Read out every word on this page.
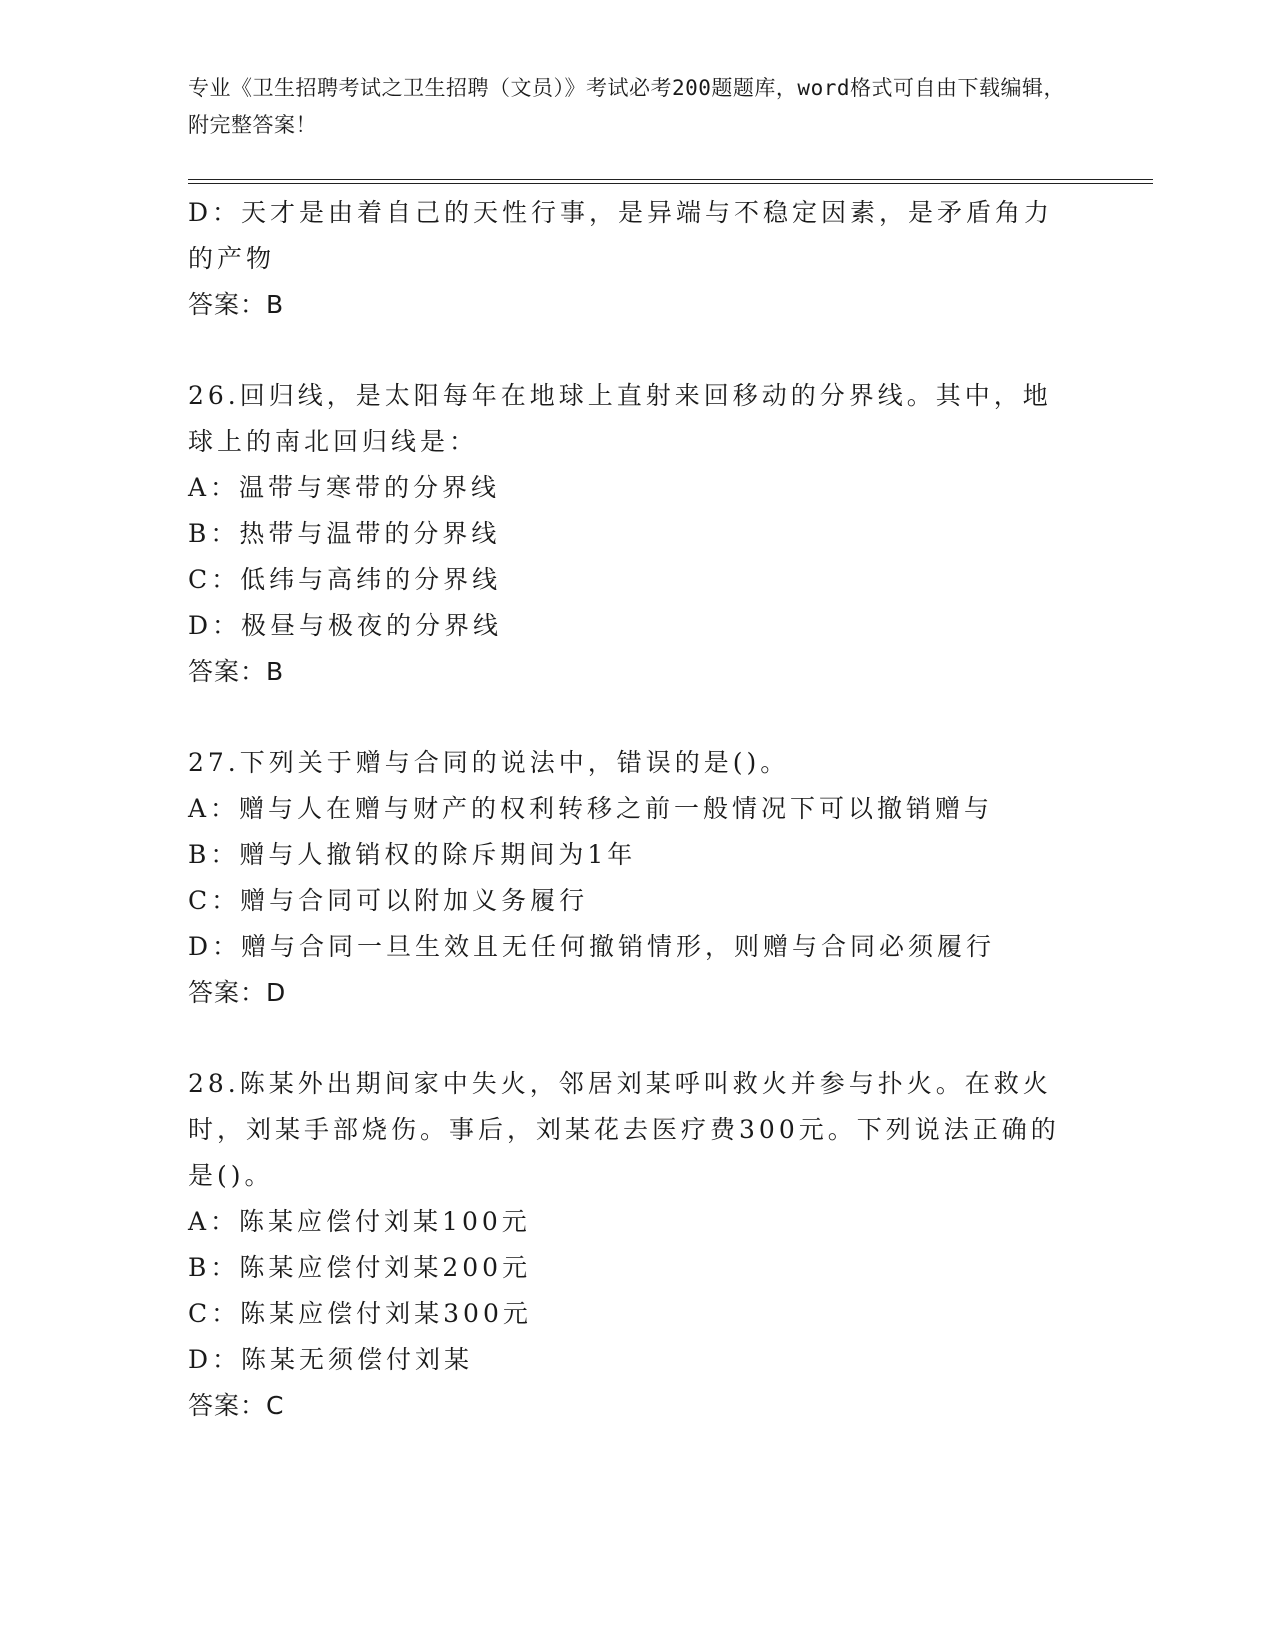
专业《卫生招聘考试之卫生招聘（文员）》考试必考200题题库，word格式可自由下载编辑，附完整答案！

D：天才是由着自己的天性行事，是异端与不稳定因素，是矛盾角力的产物

答案：B

26.回归线，是太阳每年在地球上直射来回移动的分界线。其中，地球上的南北回归线是：

A：温带与寒带的分界线

B：热带与温带的分界线

C：低纬与高纬的分界线

D：极昼与极夜的分界线

答案：B

27.下列关于赠与合同的说法中，错误的是()。

A：赠与人在赠与财产的权利转移之前一般情况下可以撤销赠与

B：赠与人撤销权的除斥期间为1年

C：赠与合同可以附加义务履行

D：赠与合同一旦生效且无任何撤销情形，则赠与合同必须履行

答案：D

28.陈某外出期间家中失火，邻居刘某呼叫救火并参与扑火。在救火时，刘某手部烧伤。事后，刘某花去医疗费300元。下列说法正确的是()。

A：陈某应偿付刘某100元

B：陈某应偿付刘某200元

C：陈某应偿付刘某300元

D：陈某无须偿付刘某

答案：C
